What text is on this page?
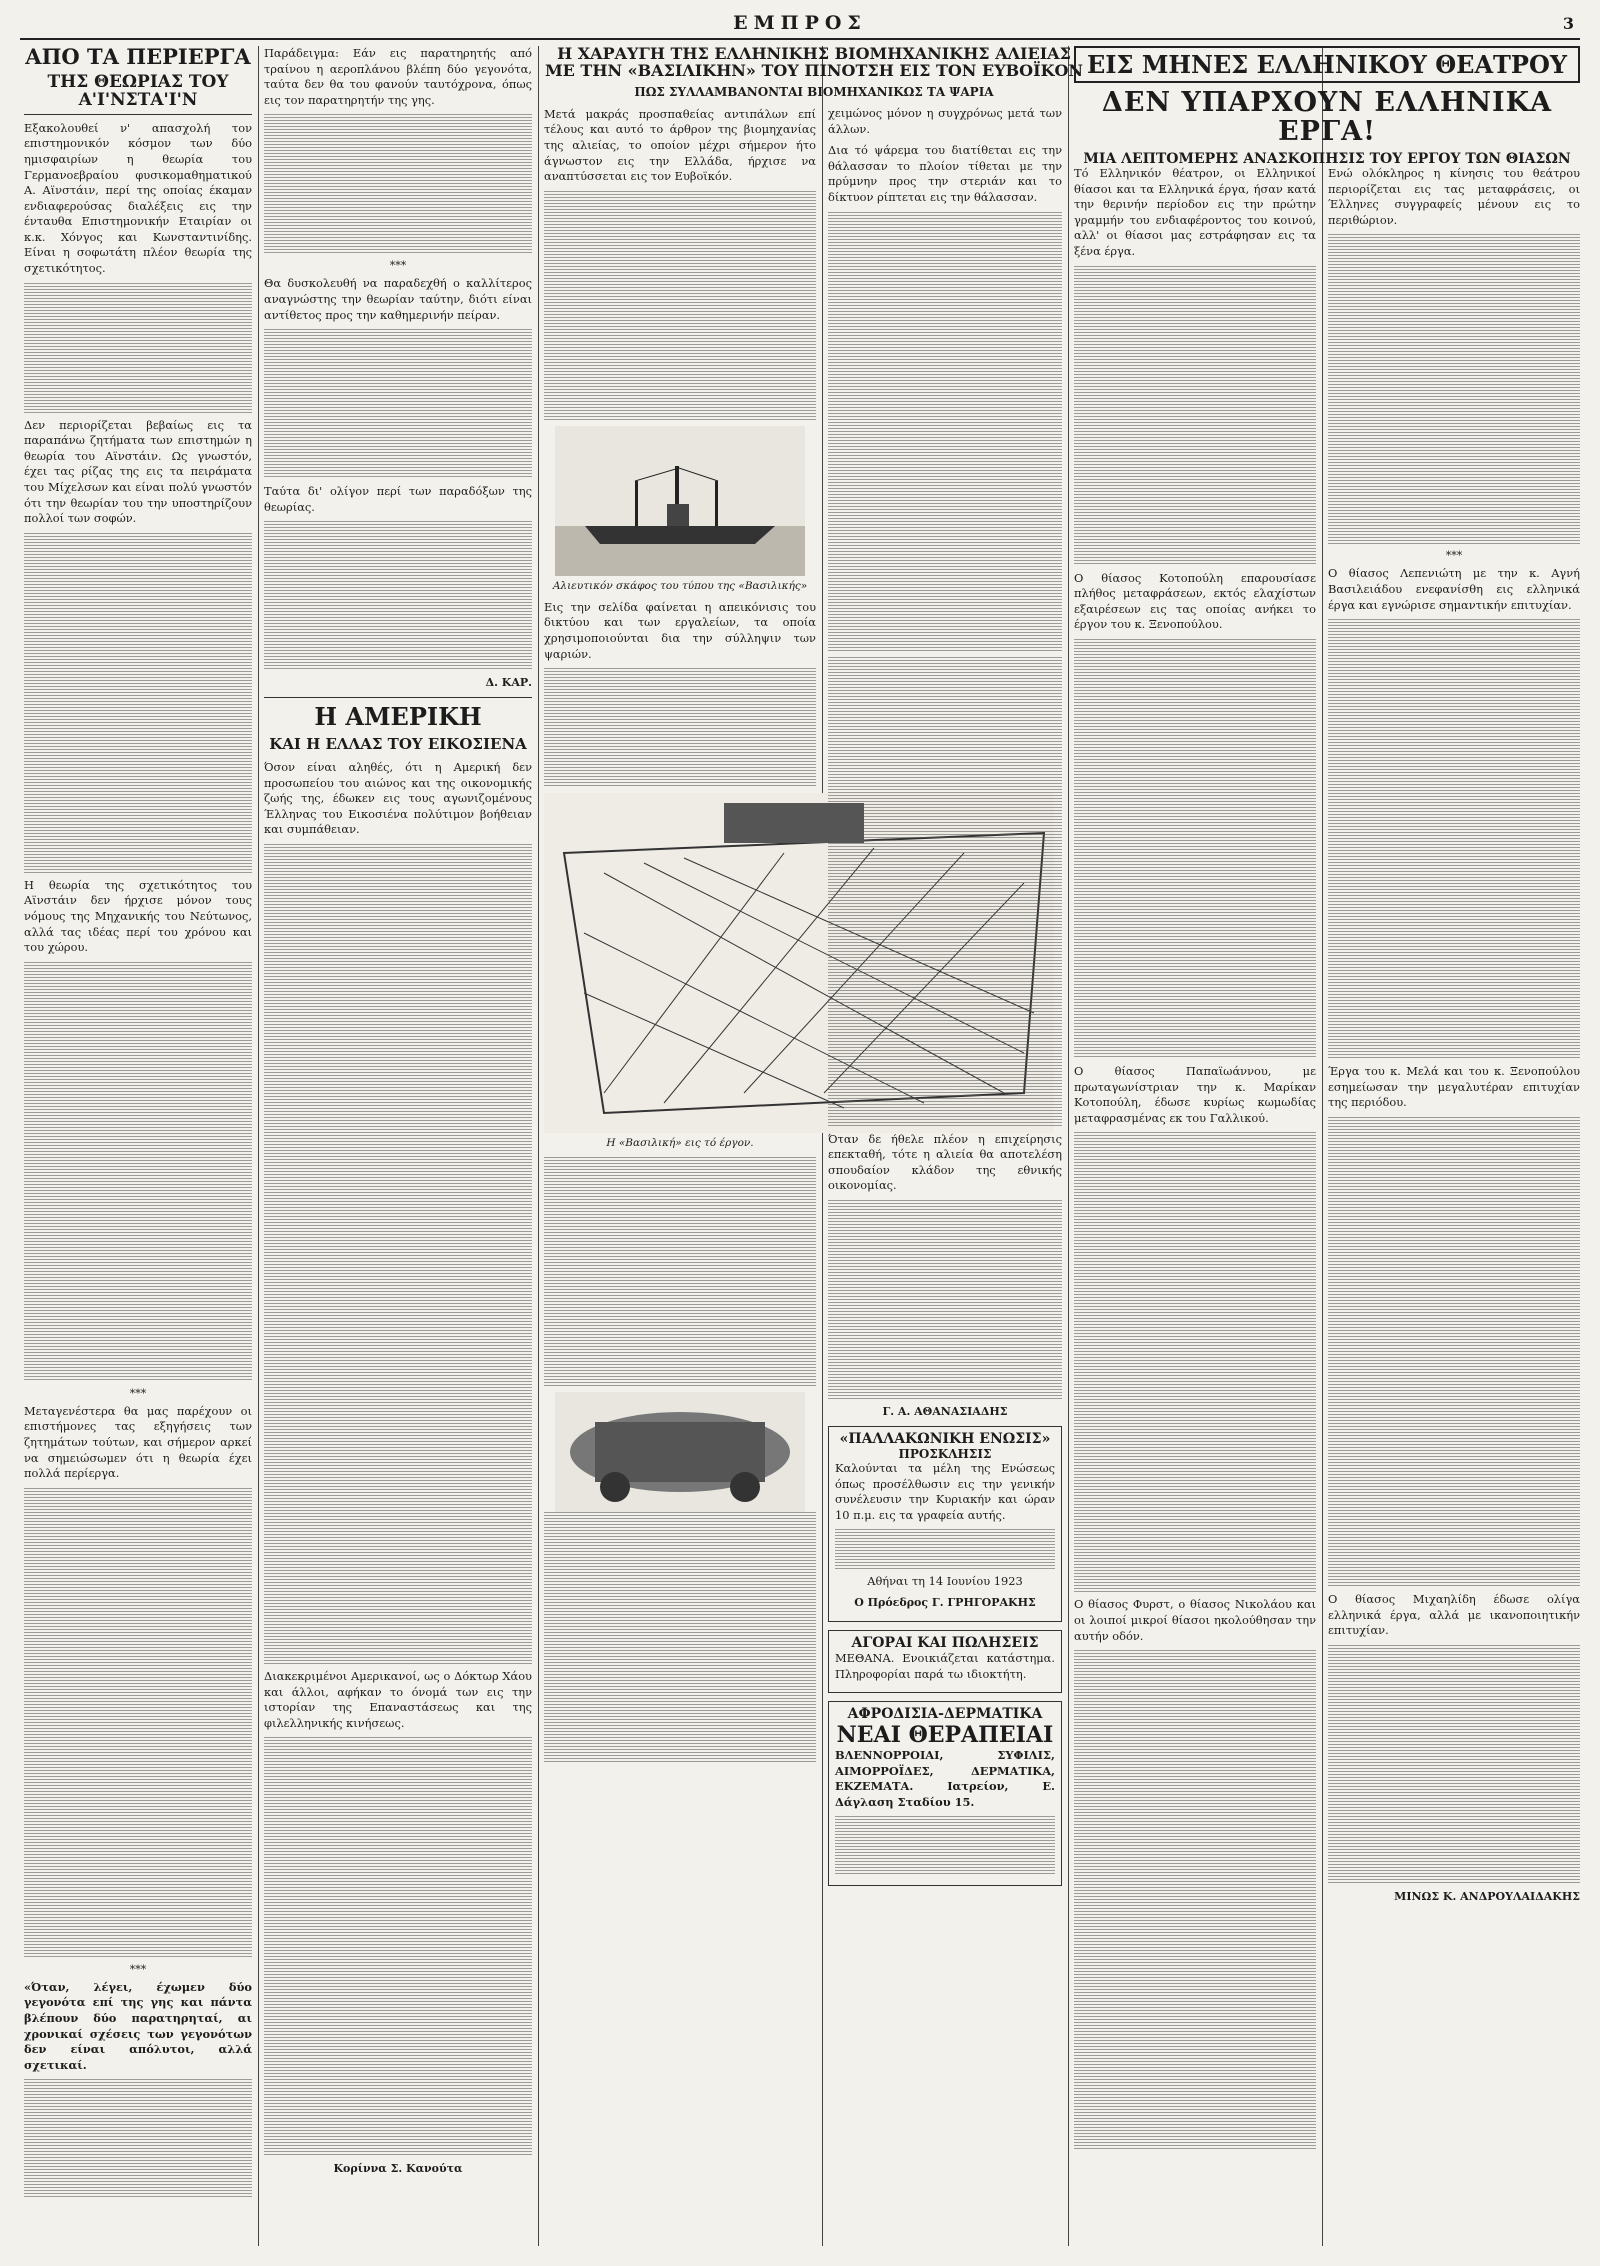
ΕΜΠΡΟΣ	3
ΑΠΟ ΤΑ ΠΕΡΙΕΡΓΑ
ΤΗΣ ΘΕΩΡΙΑΣ ΤΟΥ Α'Ι'ΝΣΤΑ'Ι'Ν

Εξακολουθεί ν' απασχολή τον επιστημονικόν κόσμον των δύο ημισφαιρίων η θεωρία του Γερμανοεβραίου φυσικομαθηματικού Α. Αϊνστάιν, περί της οποίας έκαμαν ενδιαφερούσας διαλέξεις εις την ένταυθα Επιστημονικήν Εταιρίαν οι κ.κ. Χόνγος και Κωνσταντινίδης. Είναι η σοφωτάτη πλέον θεωρία της σχετικότητος.

Δεν περιορίζεται βεβαίως εις τα παραπάνω ζητήματα των επιστημών η θεωρία του Αϊνστάιν. Ως γνωστόν, έχει τας ρίζας της εις τα πειράματα του Μίχελσων και είναι πολύ γνωστόν ότι την θεωρίαν του την υποστηρίζουν πολλοί των σοφών.

Η θεωρία της σχετικότητος του Αϊνστάιν δεν ήρχισε μόνον τους νόμους της Μηχανικής του Νεύτωνος, αλλά τας ιδέας περί του χρόνου και του χώρου.

***

Μεταγενέστερα θα μας παρέχουν οι επιστήμονες τας εξηγήσεις των ζητημάτων τούτων, και σήμερον αρκεί να σημειώσωμεν ότι η θεωρία έχει πολλά περίεργα.

***

«Όταν, λέγει, έχωμεν δύο γεγονότα επί της γης και πάντα βλέπουν δύο παρατηρηταί, αι χρονικαί σχέσεις των γεγονότων δεν είναι απόλυτοι, αλλά σχετικαί.

Παράδειγμα: Εάν εις παρατηρητής από τραίνου η αεροπλάνου βλέπη δύο γεγονότα, ταύτα δεν θα του φανούν ταυτόχρονα, όπως εις τον παρατηρητήν της γης.

***

Θα δυσκολευθή να παραδεχθή ο καλλίτερος αναγνώστης την θεωρίαν ταύτην, διότι είναι αντίθετος προς την καθημερινήν πείραν.

Ταύτα δι' ολίγον περί των παραδόξων της θεωρίας.

Δ. ΚΑΡ.
Η ΑΜΕΡΙΚΗ
ΚΑΙ Η ΕΛΛΑΣ ΤΟΥ ΕΙΚΟΣΙΕΝΑ

Όσον είναι αληθές, ότι η Αμερική δεν προσωπείου του αιώνος και της οικονομικής ζωής της, έδωκεν εις τους αγωνιζομένους Έλληνας του Εικοσιένα πολύτιμον βοήθειαν και συμπάθειαν.

Διακεκριμένοι Αμερικανοί, ως ο Δόκτωρ Χάου και άλλοι, αφήκαν το όνομά των εις την ιστορίαν της Επαναστάσεως και της φιλελληνικής κινήσεως.

Κορίννα Σ. Κανούτα
Η ΧΑΡΑΥΓΗ ΤΗΣ ΕΛΛΗΝΙΚΗΣ ΒΙΟΜΗΧΑΝΙΚΗΣ ΑΛΙΕΙΑΣ ΜΕ ΤΗΝ «ΒΑΣΙΛΙΚΗΝ» ΤΟΥ ΠΙΝΟΤΣΗ ΕΙΣ ΤΟΝ ΕΥΒΟΪΚΟΝ
ΠΩΣ ΣΥΛΛΑΜΒΑΝΟΝΤΑΙ ΒΙΟΜΗΧΑΝΙΚΩΣ ΤΑ ΨΑΡΙΑ

Μετά μακράς προσπαθείας αντιπάλων επί τέλους και αυτό το άρθρον της βιομηχανίας της αλιείας, το οποίον μέχρι σήμερον ήτο άγνωστον εις την Ελλάδα, ήρχισε να αναπτύσσεται εις τον Ευβοϊκόν.

Αλιευτικόν σκάφος του τύπου της «Βασιλικής»

Εις την σελίδα φαίνεται η απεικόνισις του δικτύου και των εργαλείων, τα οποία χρησιμοποιούνται δια την σύλληψιν των ψαριών.

Η «Βασιλική» εις τό έργον.

χειμώνος μόνον η συγχρόνως μετά των άλλων.

Δια τό ψάρεμα του διατίθεται εις την θάλασσαν το πλοίον τίθεται με την πρύμνην προς την στεριάν και το δίκτυον ρίπτεται εις την θάλασσαν.

Όταν δε ήθελε πλέον η επιχείρησις επεκταθή, τότε η αλιεία θα αποτελέση σπουδαίον κλάδον της εθνικής οικονομίας.

Γ. Α. ΑΘΑΝΑΣΙΑΔΗΣ
«ΠΑΛΛΑΚΩΝΙΚΗ ΕΝΩΣΙΣ»
ΠΡΟΣΚΛΗΣΙΣ

Καλούνται τα μέλη της Ενώσεως όπως προσέλθωσιν εις την γενικήν συνέλευσιν την Κυριακήν και ώραν 10 π.μ. εις τα γραφεία αυτής.

Αθήναι τη 14 Ιουνίου 1923
Ο Πρόεδρος Γ. ΓΡΗΓΟΡΑΚΗΣ
ΑΓΟΡΑΙ ΚΑΙ ΠΩΛΗΣΕΙΣ

ΜΕΘΑΝΑ. Ενοικιάζεται κατάστημα. Πληροφορίαι παρά τω ιδιοκτήτη.

ΑΦΡΟΔΙΣΙΑ-ΔΕΡΜΑΤΙΚΑ
ΝΕΑΙ ΘΕΡΑΠΕΙΑΙ

ΒΛΕΝΝΟΡΡΟΙΑΙ, ΣΥΦΙΛΙΣ, ΑΙΜΟΡΡΟΪΔΕΣ, ΔΕΡΜΑΤΙΚΑ, ΕΚΖΕΜΑΤΑ. Ιατρείον, Ε. Δάγλαση Σταδίου 15.

ΕΙΣ ΜΗΝΕΣ ΕΛΛΗΝΙΚΟΥ ΘΕΑΤΡΟΥ
ΔΕΝ ΥΠΑΡΧΟΥΝ ΕΛΛΗΝΙΚΑ ΕΡΓΑ!
ΜΙΑ ΛΕΠΤΟΜΕΡΗΣ ΑΝΑΣΚΟΠΗΣΙΣ ΤΟΥ ΕΡΓΟΥ ΤΩΝ ΘΙΑΣΩΝ

Τό Ελληνικόν θέατρον, οι Ελληνικοί θίασοι και τα Ελληνικά έργα, ήσαν κατά την θερινήν περίοδον εις την πρώτην γραμμήν του ενδιαφέροντος του κοινού, αλλ' οι θίασοι μας εστράφησαν εις τα ξένα έργα.

Ο θίασος Κοτοπούλη επαρουσίασε πλήθος μεταφράσεων, εκτός ελαχίστων εξαιρέσεων εις τας οποίας ανήκει το έργον του κ. Ξενοπούλου.

Ο θίασος Παπαϊωάννου, με πρωταγωνίστριαν την κ. Μαρίκαν Κοτοπούλη, έδωσε κυρίως κωμωδίας μεταφρασμένας εκ του Γαλλικού.

Ο θίασος Φυρστ, ο θίασος Νικολάου και οι λοιποί μικροί θίασοι ηκολούθησαν την αυτήν οδόν.

Ενώ ολόκληρος η κίνησις του θεάτρου περιορίζεται εις τας μεταφράσεις, οι Έλληνες συγγραφείς μένουν εις το περιθώριον.

***

Ο θίασος Λεπενιώτη με την κ. Αγνή Βασιλειάδου ενεφανίσθη εις ελληνικά έργα και εγνώρισε σημαντικήν επιτυχίαν.

Έργα του κ. Μελά και του κ. Ξενοπούλου εσημείωσαν την μεγαλυτέραν επιτυχίαν της περιόδου.

Ο θίασος Μιχαηλίδη έδωσε ολίγα ελληνικά έργα, αλλά με ικανοποιητικήν επιτυχίαν.

ΜΙΝΩΣ Κ. ΑΝΔΡΟΥΛΑΙΔΑΚΗΣ
